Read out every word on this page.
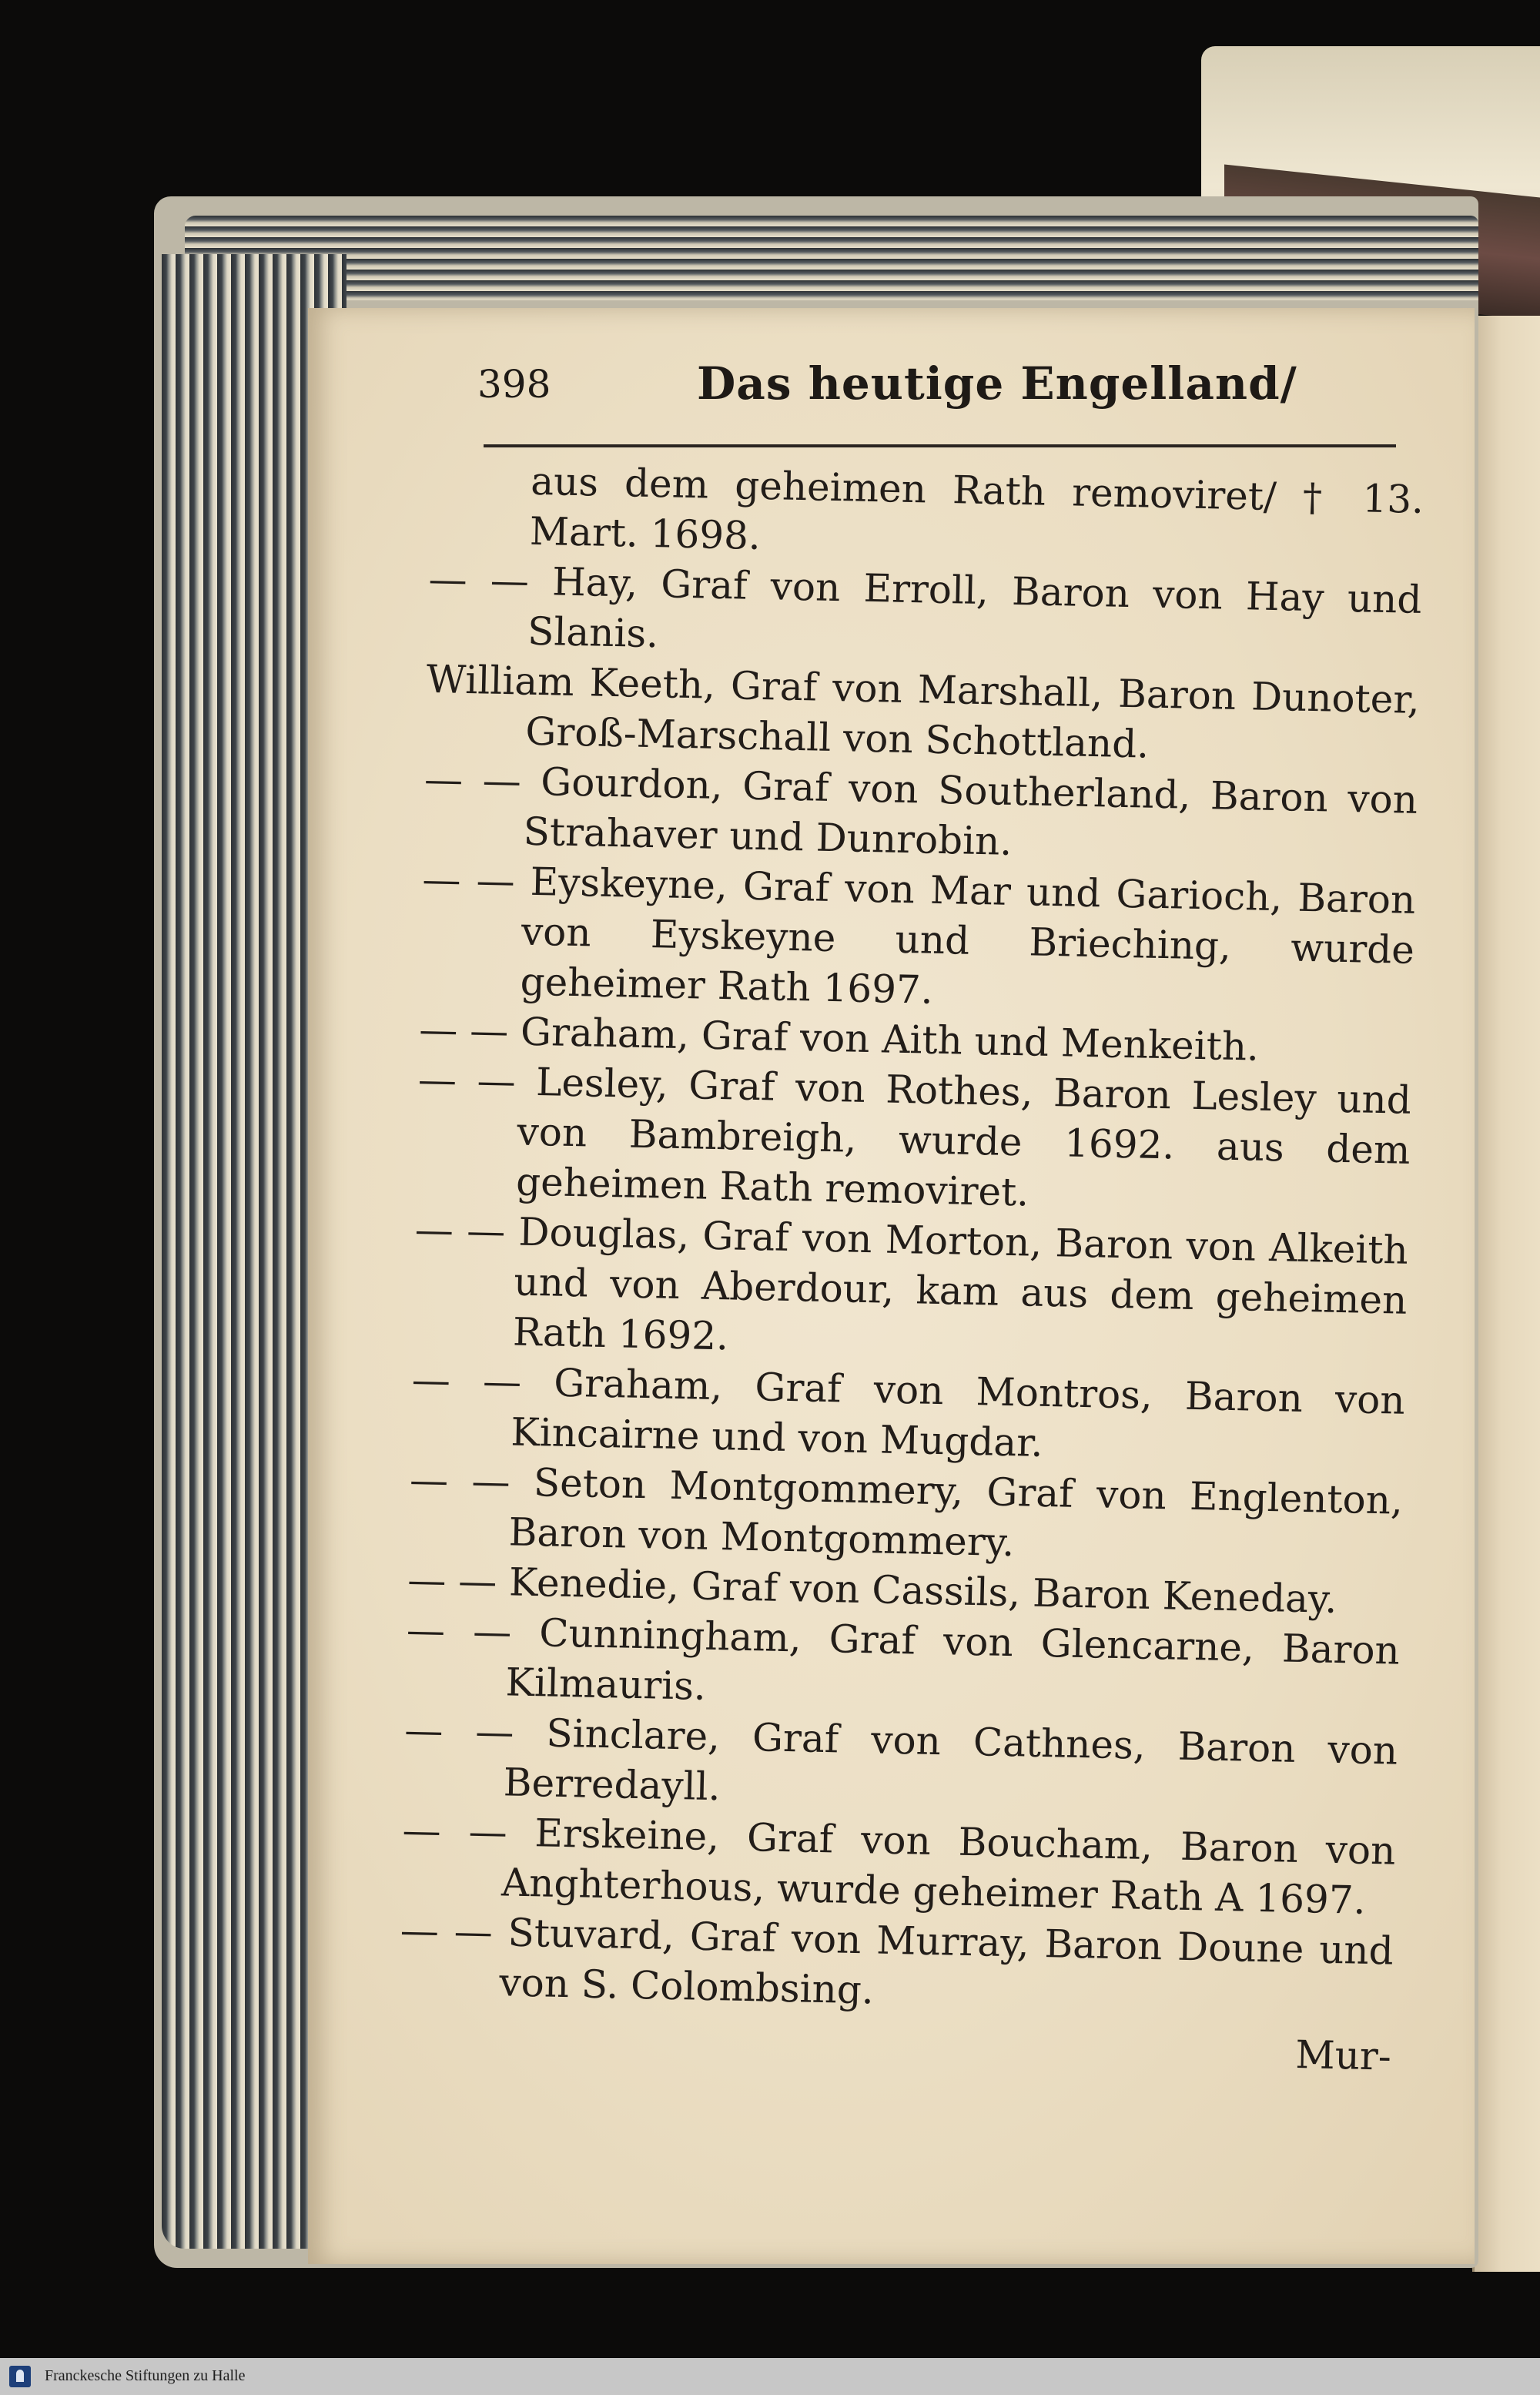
398	Das heutige Engelland/

aus dem geheimen Rath removiret/ † 13. Mart. 1698.

— — Hay, Graf von Erroll, Baron von Hay und Slanis.

William Keeth, Graf von Marshall, Baron Dunoter, Groß-Marschall von Schottland.

— — Gourdon, Graf von Southerland, Baron von Strahaver und Dunrobin.

— — Eyskeyne, Graf von Mar und Garioch, Baron von Eyskeyne und Brieching, wurde geheimer Rath 1697.

— — Graham, Graf von Aith und Menkeith.

— — Lesley, Graf von Rothes, Baron Lesley und von Bambreigh, wurde 1692. aus dem geheimen Rath removiret.

— — Douglas, Graf von Morton, Baron von Alkeith und von Aberdour, kam aus dem geheimen Rath 1692.

— — Graham, Graf von Montros, Baron von Kincairne und von Mugdar.

— — Seton Montgommery, Graf von Englenton, Baron von Montgommery.

— — Kenedie, Graf von Cassils, Baron Keneday.

— — Cunningham, Graf von Glencarne, Baron Kilmauris.

— — Sinclare, Graf von Cathnes, Baron von Berredayll.

— — Erskeine, Graf von Boucham, Baron von Anghterhous, wurde geheimer Rath A 1697.

— — Stuvard, Graf von Murray, Baron Doune und von S. Colombsing.

Mur-
Franckesche Stiftungen zu Halle
